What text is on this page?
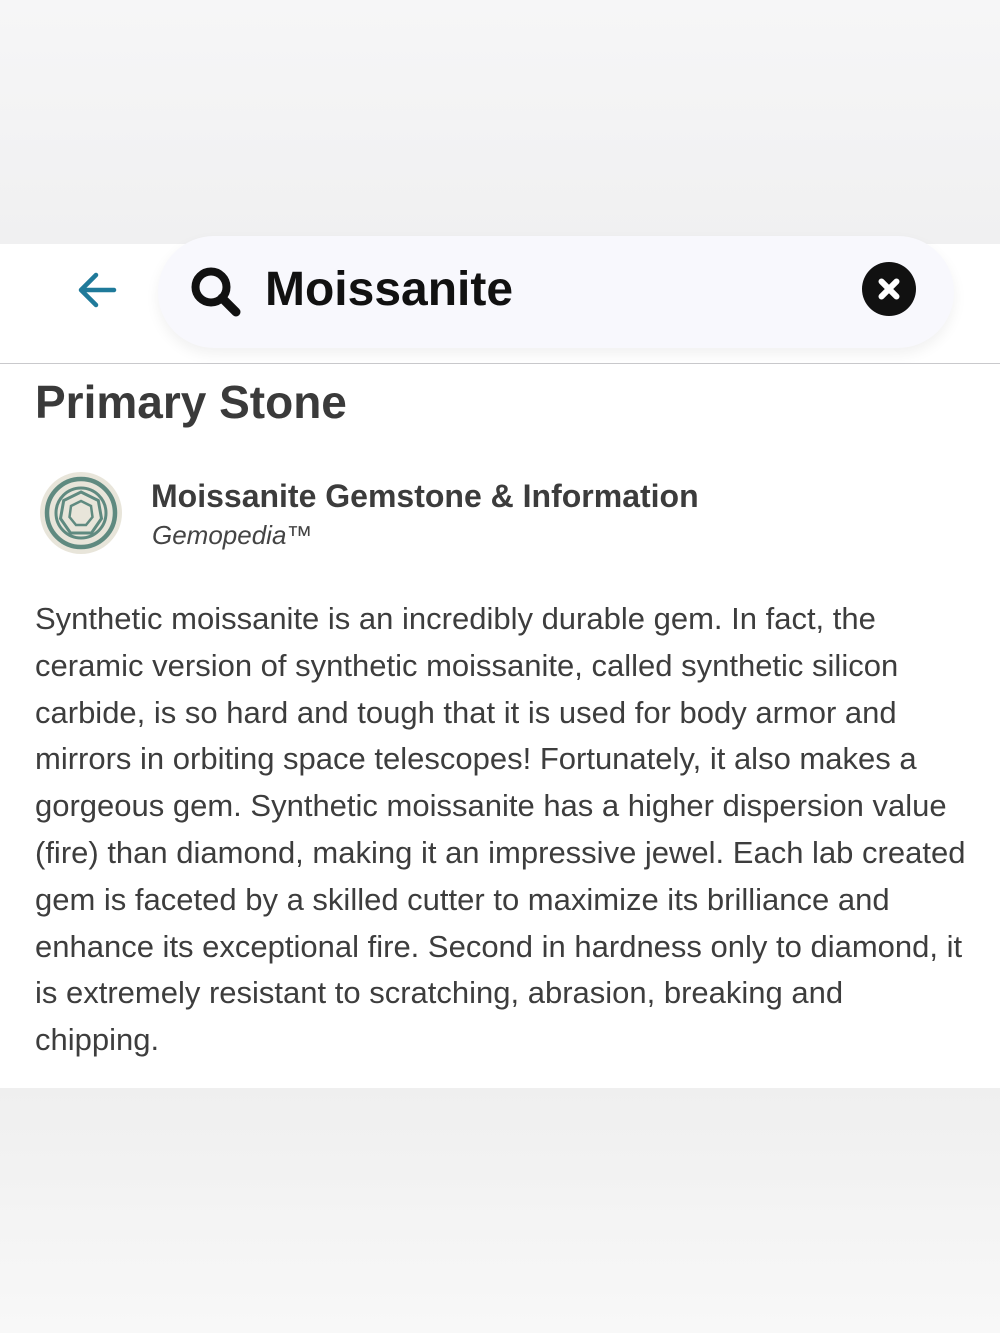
Moissanite
Primary Stone
Moissanite Gemstone & Information
Gemopedia™

Synthetic moissanite is an incredibly durable gem. In fact, the ceramic version of synthetic moissanite, called synthetic silicon carbide, is so hard and tough that it is used for body armor and mirrors in orbiting space telescopes! Fortunately, it also makes a gorgeous gem. Synthetic moissanite has a higher dispersion value (fire) than diamond, making it an impressive jewel. Each lab created gem is faceted by a skilled cutter to maximize its brilliance and enhance its exceptional fire. Second in hardness only to diamond, it is extremely resistant to scratching, abrasion, breaking and chipping.
